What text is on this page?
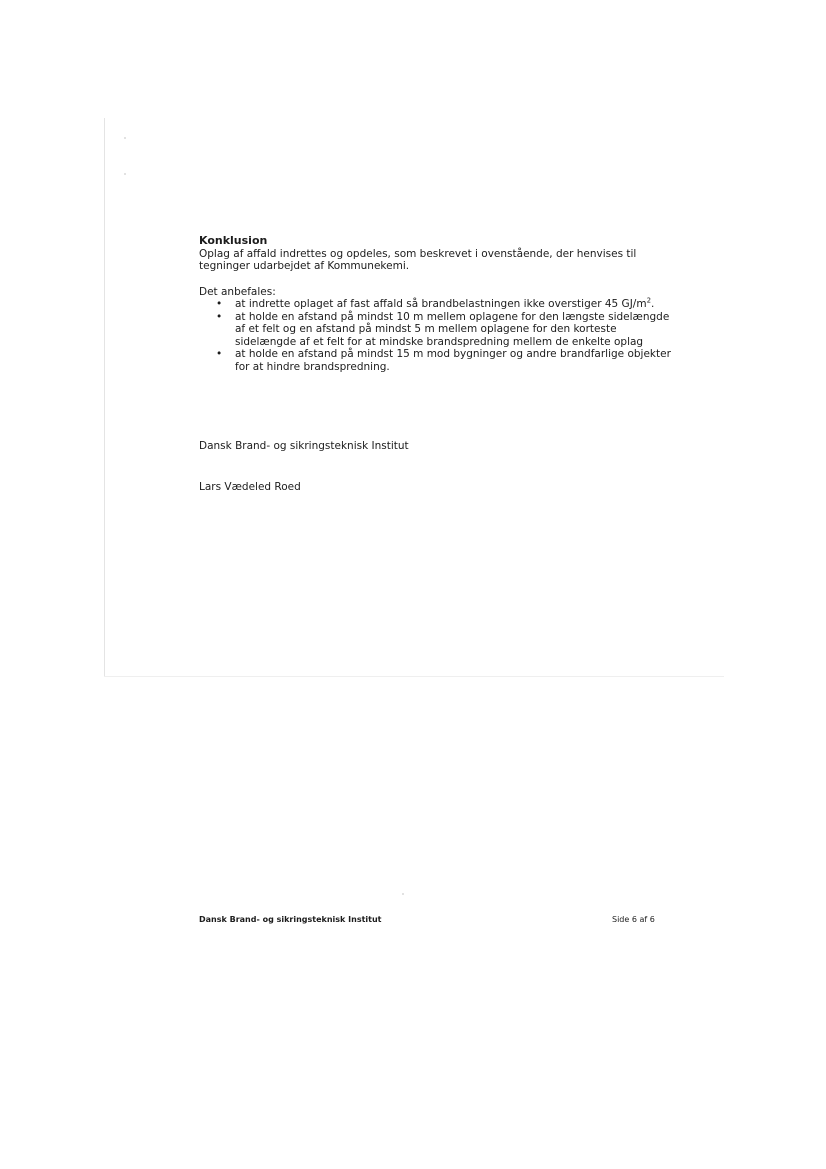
Konklusion

Oplag af affald indrettes og opdeles, som beskrevet i ovenstående, der henvises til tegninger udarbejdet af Kommunekemi.

Det anbefales:

• at indrette oplaget af fast affald så brandbelastningen ikke overstiger 45 $GJ/m^2$.
• at holde en afstand på mindst 10 m mellem oplagene for den længste sidelængde af et felt og en afstand på mindst 5 m mellem oplagene for den korteste sidelængde af et felt for at mindske brandspredning mellem de enkelte oplag
• at holde en afstand på mindst 15 m mod bygninger og andre brandfarlige objekter for at hindre brandspredning.
Dansk Brand- og sikringsteknisk Institut
Lars Vædeled Roed
Dansk Brand- og sikringsteknisk Institut	Side 6 af 6
